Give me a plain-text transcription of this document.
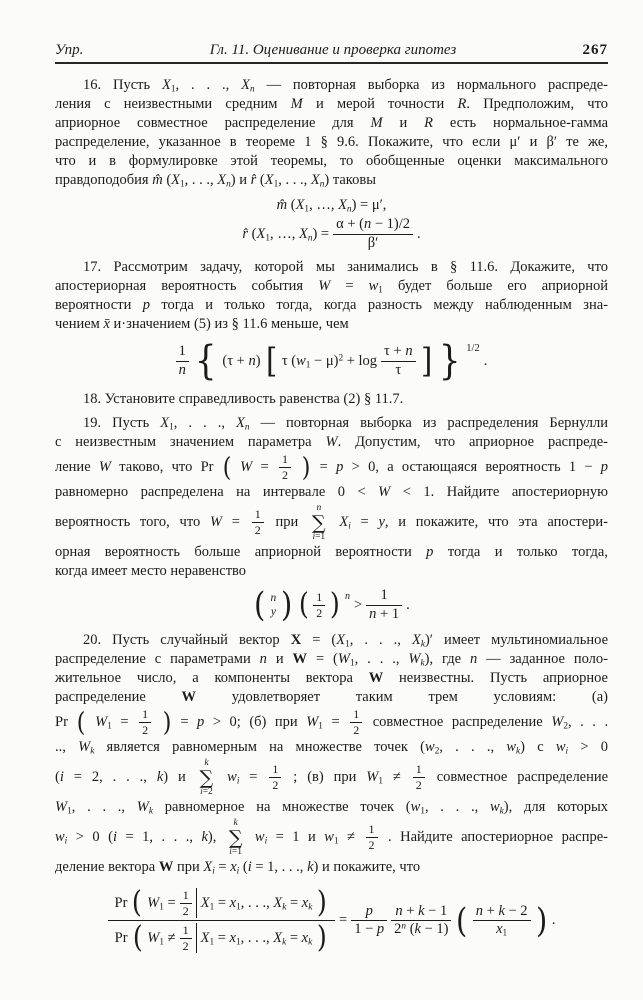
Упр.	Гл. 11. Оценивание и проверка гипотез	267
16. Пусть $X_1$, . . ., $X_n$ — повторная выборка из нормального распреде-
ления с неизвестными средним M и мерой точности R. Предположим, что
априорное совместное распределение для M и R есть нормальное-гамма
распределение, указанное в теореме 1 § 9.6. Покажите, что если μ′ и β′ те же,
что и в формулировке этой теоремы, то обобщенные оценки максимального
правдоподобия m̂ ($X_1$, . . ., $X_n$) и r̂ ($X_1$, . . ., $X_n$) таковы
m̂ ($X_1$, …, $X_n) = \mu'$,
r̂ ($X_1$, …, $X_n) = \frac{\alpha + (n - 1)/2}{\beta'}$ .
17. Рассмотрим задачу, которой мы занимались в § 11.6. Докажите, что
апостериорная вероятность события $W = w_1$ будет больше его априорной
вероятности p тогда и только тогда, когда разность между наблюденным зна-
чением x̄ и·значением (5) из § 11.6 меньше, чем
$\frac{1}{n}$ { (τ + n) [ τ $(w_1 - \mu)^2 + \log \frac{\tau + n}{\tau}$ ] } 1/2
.
18. Установите справедливость равенства (2) § 11.7.
19. Пусть $X_1$, . . ., $X_n$ — повторная выборка из распределения Бернулли
с неизвестным значением параметра W. Допустим, что априорное распреде-
ление W таково, что Pr ( $W = \frac{1}{2}$ ) = p > 0, а остающаяся вероятность 1 − p
равномерно распределена на интервале 0 < W < 1. Найдите апостериорную
вероятность того, что $W = \frac{1}{2}$ при
n
∑
i=1
$X_i = y$, и покажите, что эта апостери-
орная вероятность больше априорной вероятности p тогда и только тогда,
когда имеет место неравенство
( n
y ) ( $\frac{1}{2}$ ) n
> $\frac{1}{n + 1}$ .
20. Пусть случайный вектор $X = (X_1$, . . ., $X_k)'$ имеет мультиномиальное
распределение с параметрами n и $W = (W_1$, . . ., $W_k$), где n — заданное поло-
жительное число, а компоненты вектора W неизвестны. Пусть априорное
распределение W удовлетворяет таким трем условиям: (а)
Pr ( $W_1 = \frac{1}{2}$ ) = p > 0; (б) при $W_1 = \frac{1}{2}$ совместное распределение $W_2$, . . .
.., $W_k$ является равномерным на множестве точек ($w_2$, . . ., $w_k$) с $w_i > 0$
(i = 2, . . ., k) и
k
∑
i=2
$w_i = \frac{1}{2}$ ; (в) при $W_1 \ne \frac{1}{2}$ совместное распределение
$W_1$, . . ., $W_k$ равномерное на множестве точек ($w_1$, . . ., $w_k$), для которых
$w_i > 0$ (i = 1, . . ., k),
k
∑
i=1
$w_i = 1$ и $w_1 \ne \frac{1}{2}$ . Найдите апостериорное распре-
деление вектора W при $X_i = x_i$ (i = 1, . . ., k) и покажите, что
Pr ( $W_1 = \frac{1}{2} X_1 = x_1$, . . ., $X_k = x_k$ )
Pr ( $W_1 \ne \frac{1}{2} X_1 = x_1$, . . ., $X_k = x_k$ ) = $\frac{p}{1 - p} \frac{n + k - 1}{2^n (k - 1)}$ ( $\frac{n + k - 2}{x_1}$ ) .
